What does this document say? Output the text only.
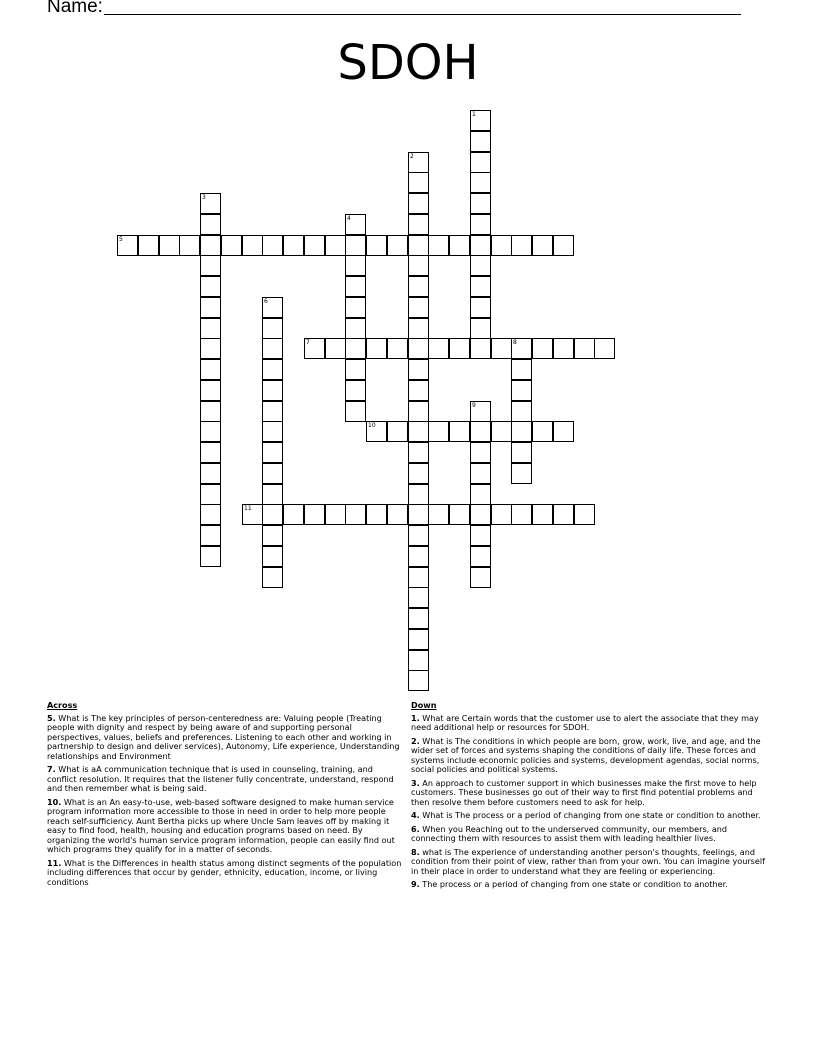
Name:
SDOH
1
2
3
4
5
6
7	8
9
10
11
Across
5. What is The key principles of person-centeredness are: Valuing people (Treating people with dignity and respect by being aware of and supporting personal perspectives, values, beliefs and preferences. Listening to each other and working in partnership to design and deliver services), Autonomy, Life experience, Understanding relationships and Environment
7. What is aA communication technique that is used in counseling, training, and conflict resolution. It requires that the listener fully concentrate, understand, respond and then remember what is being said.
10. What is an An easy-to-use, web-based software designed to make human service program information more accessible to those in need in order to help more people reach self-sufficiency. Aunt Bertha picks up where Uncle Sam leaves off by making it easy to find food, health, housing and education programs based on need. By organizing the world's human service program information, people can easily find out which programs they qualify for in a matter of seconds.
11. What is the Differences in health status among distinct segments of the population including differences that occur by gender, ethnicity, education, income, or living conditions
Down
1. What are Certain words that the customer use to alert the associate that they may need additional help or resources for SDOH.
2. What is The conditions in which people are born, grow, work, live, and age, and the wider set of forces and systems shaping the conditions of daily life. These forces and systems include economic policies and systems, development agendas, social norms, social policies and political systems.
3. An approach to customer support in which businesses make the first move to help customers. These businesses go out of their way to first find potential problems and then resolve them before customers need to ask for help.
4. What is The process or a period of changing from one state or condition to another.
6. When you Reaching out to the underserved community, our members, and connecting them with resources to assist them with leading healthier lives.
8. what is The experience of understanding another person's thoughts, feelings, and condition from their point of view, rather than from your own. You can imagine yourself in their place in order to understand what they are feeling or experiencing.
9. The process or a period of changing from one state or condition to another.
